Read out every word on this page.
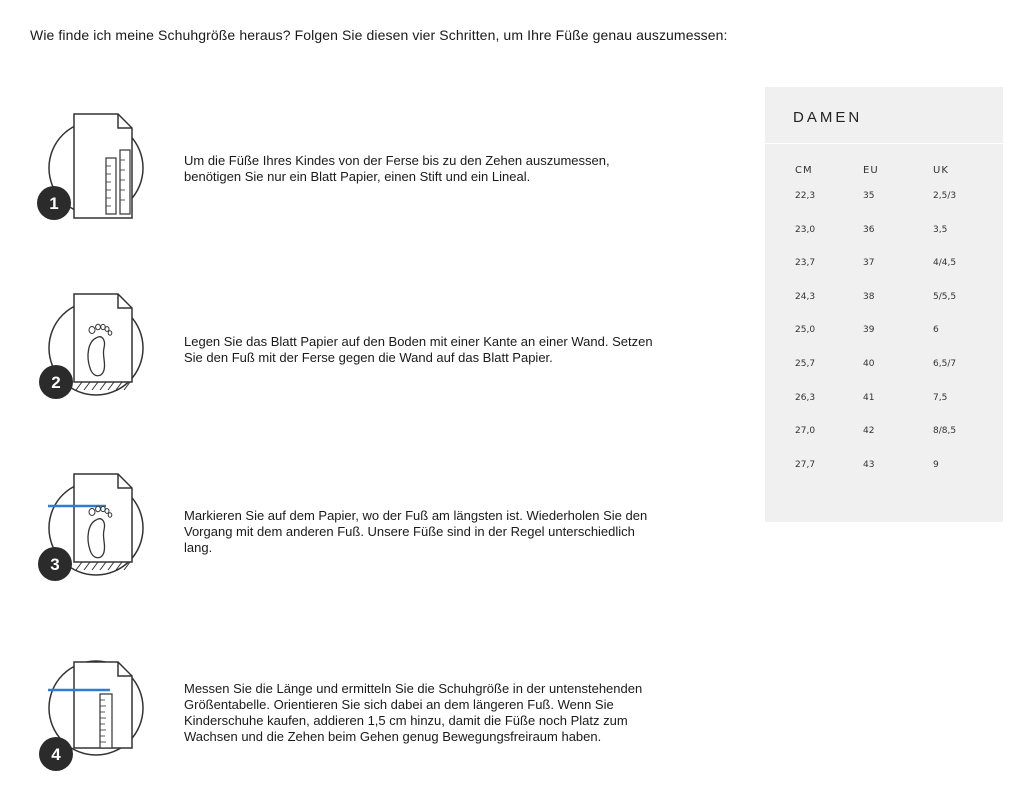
Wie finde ich meine Schuhgröße heraus? Folgen Sie diesen vier Schritten, um Ihre Füße genau auszumessen:
1
Um die Füße Ihres Kindes von der Ferse bis zu den Zehen auszumessen,
benötigen Sie nur ein Blatt Papier, einen Stift und ein Lineal.
2
Legen Sie das Blatt Papier auf den Boden mit einer Kante an einer Wand. Setzen
Sie den Fuß mit der Ferse gegen die Wand auf das Blatt Papier.
3
Markieren Sie auf dem Papier, wo der Fuß am längsten ist. Wiederholen Sie den
Vorgang mit dem anderen Fuß. Unsere Füße sind in der Regel unterschiedlich
lang.
4
Messen Sie die Länge und ermitteln Sie die Schuhgröße in der untenstehenden
Größentabelle. Orientieren Sie sich dabei an dem längeren Fuß. Wenn Sie
Kinderschuhe kaufen, addieren 1,5 cm hinzu, damit die Füße noch Platz zum
Wachsen und die Zehen beim Gehen genug Bewegungsfreiraum haben.
DAMEN
CM	EU	UK
22,3	35	2,5/3
23,0	36	3,5
23,7	37	4/4,5
24,3	38	5/5,5
25,0	39	6
25,7	40	6,5/7
26,3	41	7,5
27,0	42	8/8,5
27,7	43	9
